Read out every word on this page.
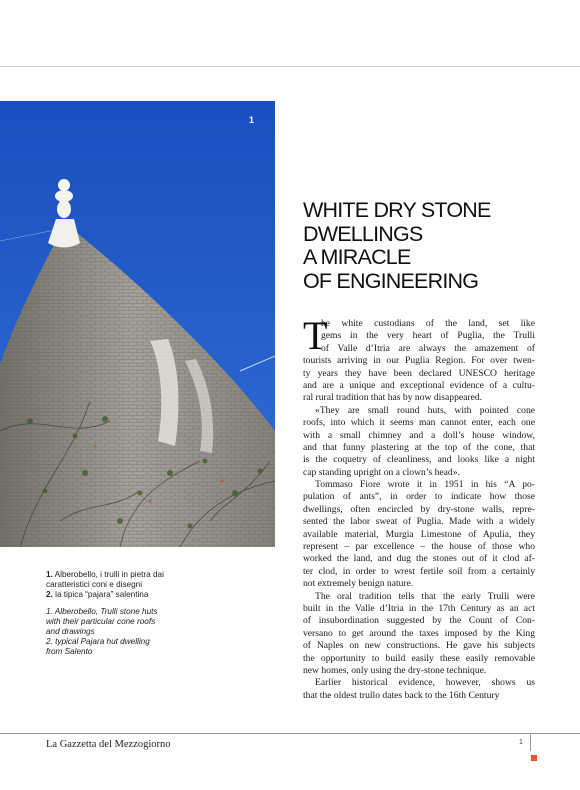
1
1. Alberobello, i trulli in pietra dai
caratteristici coni e disegni
2. la tipica “pajara” salentina
1. Alberobello, Trulli stone huts
with their particular cone roofs
and drawings
2. typical Pajara hut dwelling
from Salento
WHITE DRY STONE
DWELLINGS
A MIRACLE
OF ENGINEERING
T
he white custodians of the land, set like
gems in the very heart of Puglia, the Trulli
of Valle d’Itria are always the amazement of
tourists arriving in our Puglia Region. For over twen-
ty years they have been declared UNESCO heritage
and are a unique and exceptional evidence of a cultu-
ral rural tradition that has by now disappeared.
«They are small round huts, with pointed cone
roofs, into which it seems man cannot enter, each one
with a small chimney and a doll’s house window,
and that funny plastering at the top of the cone, that
is the coquetry of cleanliness, and looks like a night
cap standing upright on a clown’s head».
Tommaso Fiore wrote it in 1951 in his “A po-
pulation of ants”, in order to indicate how those
dwellings, often encircled by dry-stone walls, repre-
sented the labor sweat of Puglia. Made with a widely
available material, Murgia Limestone of Apulia, they
represent – par excellence – the house of those who
worked the land, and dug the stones out of it clod af-
ter clod, in order to wrest fertile soil from a certainly
not extremely benign nature.
The oral tradition tells that the early Trulli were
built in the Valle d’Itria in the 17th Century as an act
of insubordination suggested by the Count of Con-
versano to get around the taxes imposed by the King
of Naples on new constructions. He gave his subjects
the opportunity to build easily these easily removable
new homes, only using the dry-stone technique.
Earlier historical evidence, however, shows us
that the oldest trullo dates back to the 16th Century
La Gazzetta del Mezzogiorno	1
